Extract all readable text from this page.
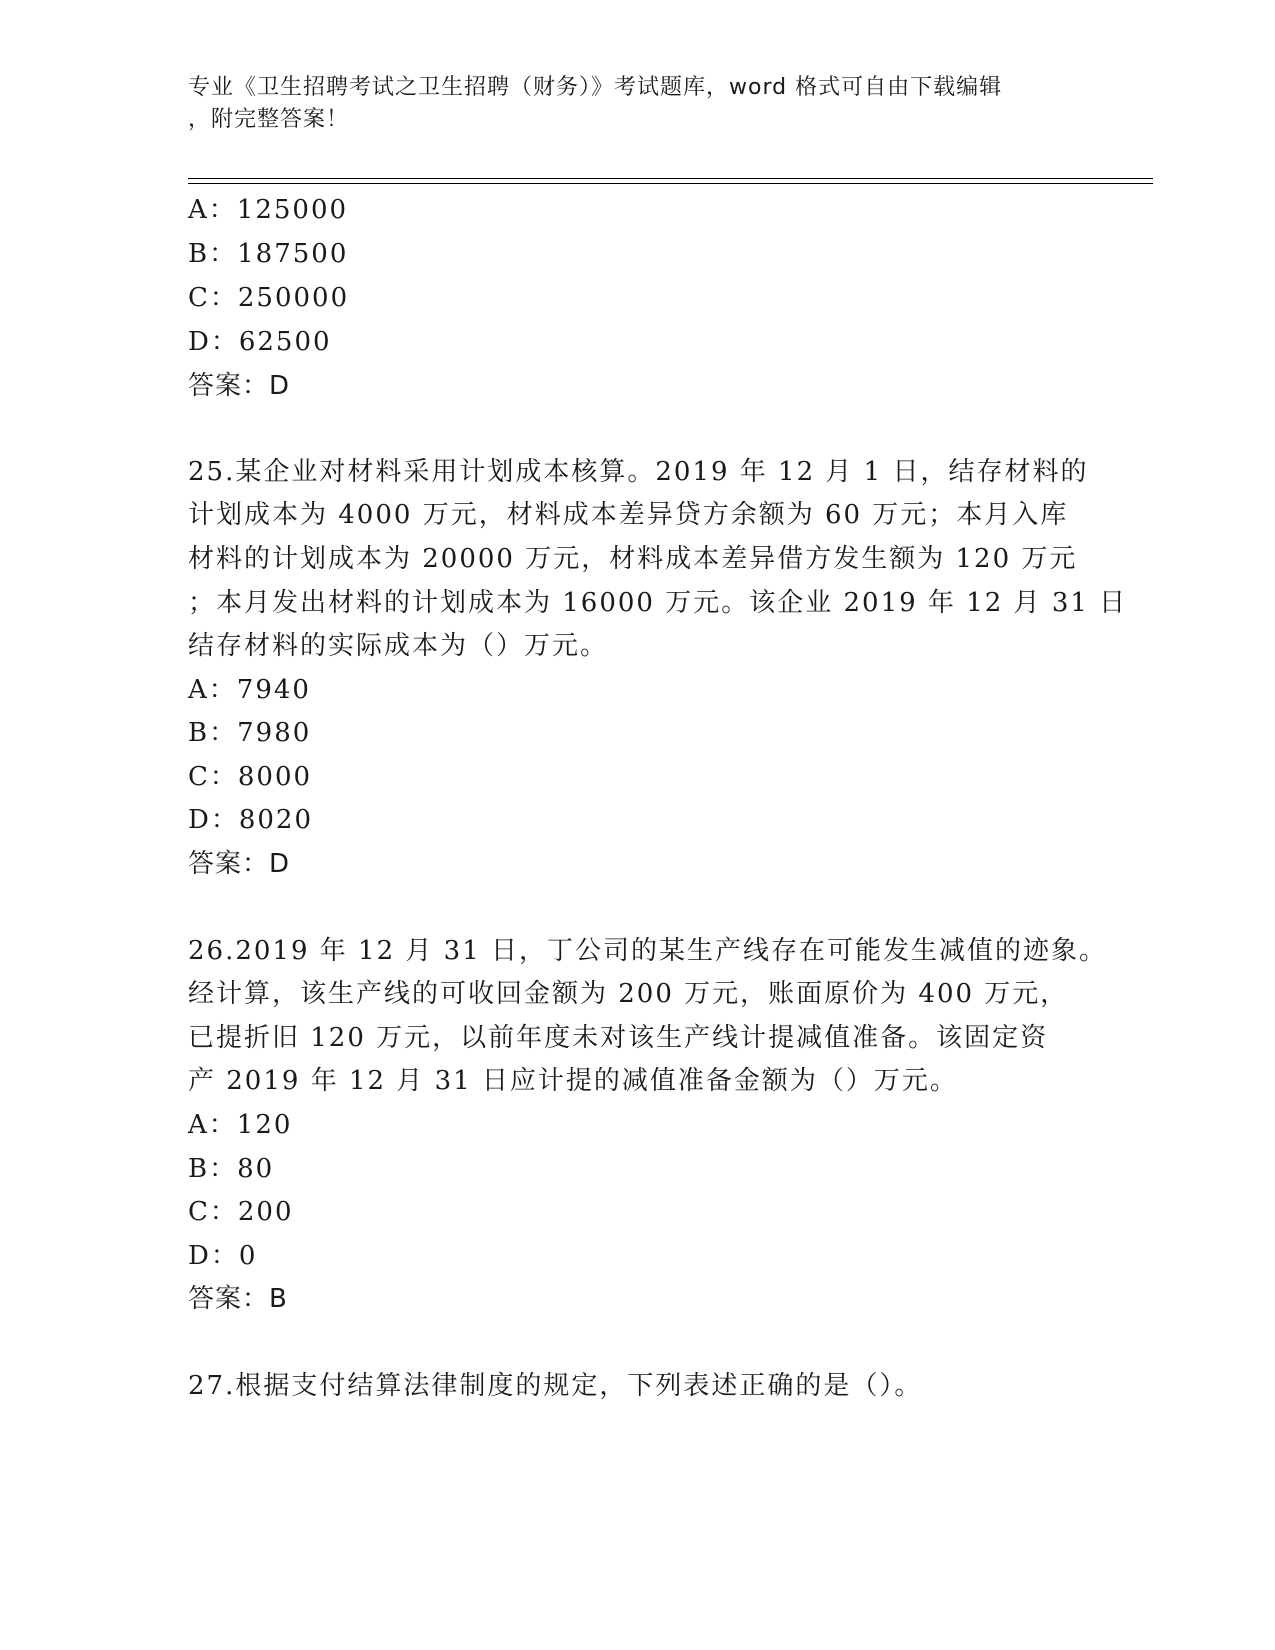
专业《卫生招聘考试之卫生招聘（财务）》考试题库，word 格式可自由下载编辑
，附完整答案！
A：125000
B：187500
C：250000
D：62500
答案：D
25.某企业对材料采用计划成本核算。2019 年 12 月 1 日，结存材料的
计划成本为 4000 万元，材料成本差异贷方余额为 60 万元；本月入库
材料的计划成本为 20000 万元，材料成本差异借方发生额为 120 万元
；本月发出材料的计划成本为 16000 万元。该企业 2019 年 12 月 31 日
结存材料的实际成本为（）万元。
A：7940
B：7980
C：8000
D：8020
答案：D
26.2019 年 12 月 31 日，丁公司的某生产线存在可能发生减值的迹象。
经计算，该生产线的可收回金额为 200 万元，账面原价为 400 万元，
已提折旧 120 万元，以前年度未对该生产线计提减值准备。该固定资
产 2019 年 12 月 31 日应计提的减值准备金额为（）万元。
A：120
B：80
C：200
D：0
答案：B
27.根据支付结算法律制度的规定，下列表述正确的是（）。
